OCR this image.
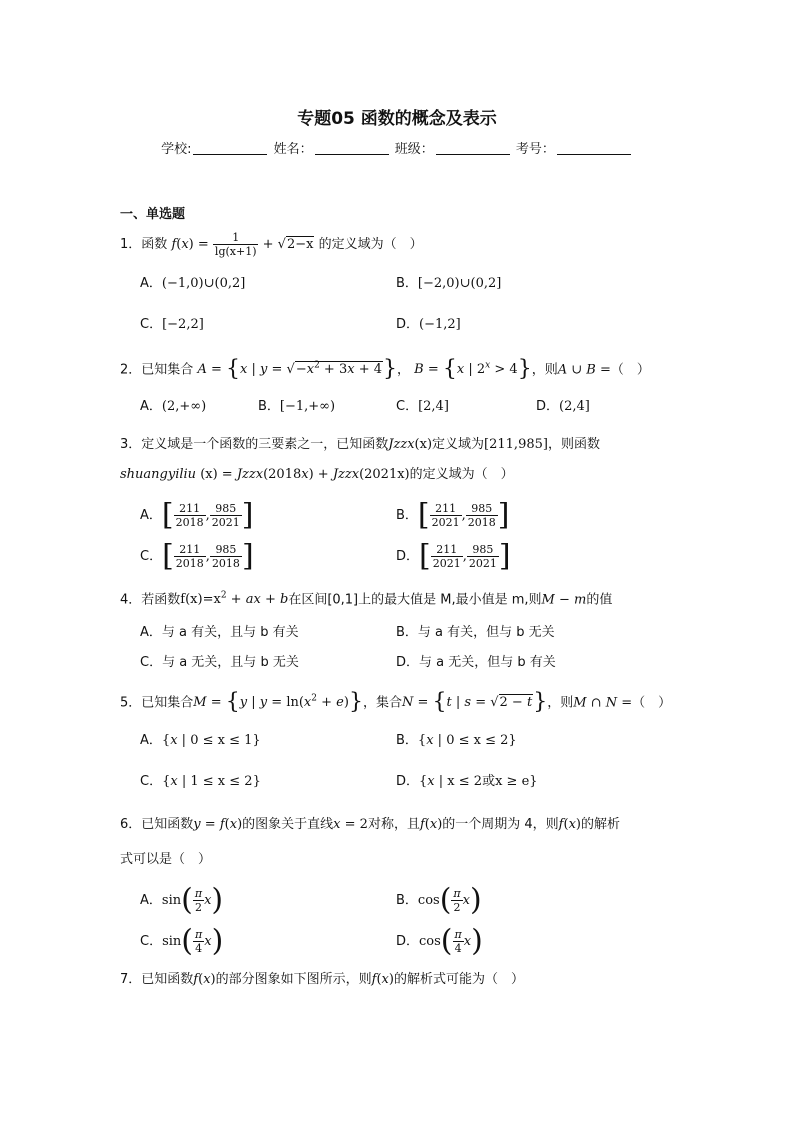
专题05 函数的概念及表示
学校:	姓名：	班级：	考号：
一、单选题
1．函数 $f(x) = \frac{1}{\lg(x+1)} + √2-x$ 的定义域为（　）
A．(−1,0)∪(0,2]	B．[−2,0)∪(0,2]
C．[−2,2]	D．(−1,2]
2．已知集合 A = {x | $y = √-x^2 + 3x + 4$}， B = {x | $2^x > 4$}，则A ∪ B =（　）
A．(2,+∞)	B．[−1,+∞)	C．[2,4]	D．(2,4]
3．定义域是一个函数的三要素之一，已知函数Jzzx(x)定义域为[211,985]，则函数
shuangyiliu (x) = Jzzx(2018x) + Jzzx(2021x)的定义域为（　）
A．[ $\frac{211}{2018}$ , $\frac{985}{2021}$ ]	B．[ $\frac{211}{2021}$ , $\frac{985}{2018}$ ]
C．[ $\frac{211}{2018}$ , $\frac{985}{2018}$ ]	D．[ $\frac{211}{2021}$ , $\frac{985}{2021}$ ]
4．若函数$f(x)=x^2$ + ax + b在区间[0,1]上的最大值是 M,最小值是 m,则M − m的值
A．与 a 有关，且与 b 有关	B．与 a 有关，但与 b 无关
C．与 a 无关，且与 b 无关	D．与 a 无关，但与 b 有关
5．已知集合M = {y | $y = \ln(x^2 + e)$}，集合N = {t | s = √2 − t}，则M ∩ N =（　）
A．{x | 0 ≤ x ≤ 1}	B．{x | 0 ≤ x ≤ 2}
C．{x | 1 ≤ x ≤ 2}	D．{x | x ≤ 2或x ≥ e}
6．已知函数y = f(x)的图象关于直线x = 2对称，且f(x)的一个周期为 4，则f(x)的解析
式可以是（　）
A．$\sin( \frac{\pi}{2} x)$	B．$\cos( \frac{\pi}{2} x)$
C．$\sin( \frac{\pi}{4} x)$	D．$\cos( \frac{\pi}{4} x)$
7．已知函数f(x)的部分图象如下图所示，则f(x)的解析式可能为（　）
